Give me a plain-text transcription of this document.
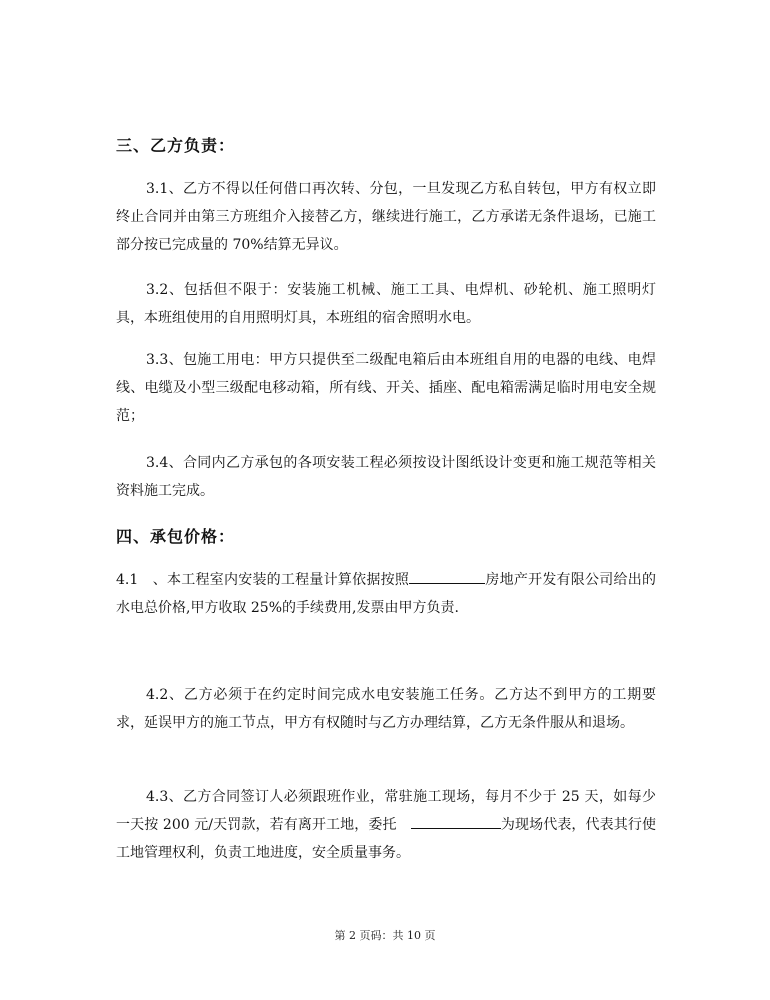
三、乙方负责：

3.1、乙方不得以任何借口再次转、分包，一旦发现乙方私自转包，甲方有权立即终止合同并由第三方班组介入接替乙方，继续进行施工，乙方承诺无条件退场，已施工部分按已完成量的 70%结算无异议。

3.2、包括但不限于：安装施工机械、施工工具、电焊机、砂轮机、施工照明灯具，本班组使用的自用照明灯具，本班组的宿舍照明水电。

3.3、包施工用电：甲方只提供至二级配电箱后由本班组自用的电器的电线、电焊线、电缆及小型三级配电移动箱，所有线、开关、插座、配电箱需满足临时用电安全规范；

3.4、合同内乙方承包的各项安装工程必须按设计图纸设计变更和施工规范等相关资料施工完成。

四、承包价格：

4.1　、本工程室内安装的工程量计算依据按照	房地产开发有限公司给出的水电总价格,甲方收取 25%的手续费用,发票由甲方负责.

4.2、乙方必须于在约定时间完成水电安装施工任务。乙方达不到甲方的工期要求，延误甲方的施工节点，甲方有权随时与乙方办理结算，乙方无条件服从和退场。

4.3、乙方合同签订人必须跟班作业，常驻施工现场，每月不少于 25 天，如每少一天按 200 元/天罚款，若有离开工地，委托　	为现场代表，代表其行使工地管理权利，负责工地进度，安全质量事务。

第 2 页码：共 10 页
